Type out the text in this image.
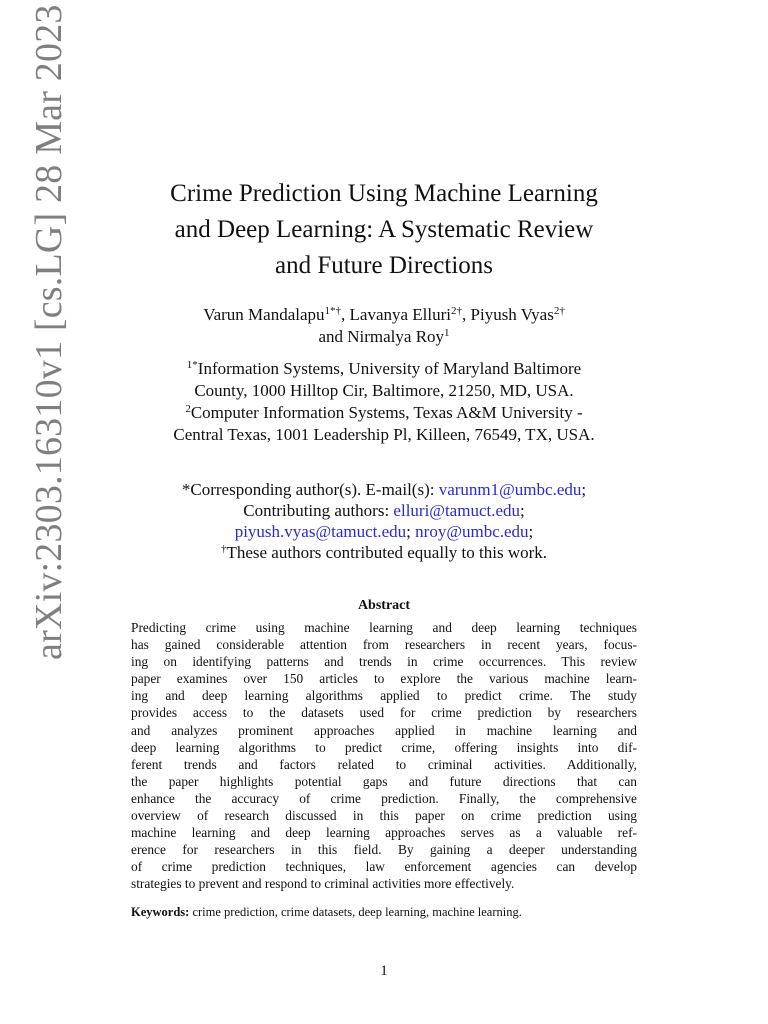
arXiv:2303.16310v1 [cs.LG] 28 Mar 2023	Crime Prediction Using Machine Learning
and Deep Learning: A Systematic Review
and Future Directions
Varun Mandalapu$^{1*\dagger}$, Lavanya Elluri$^{2\dagger}$, Piyush Vyas$^{2\dagger}$
and Nirmalya Roy$^1$
$^{1*}$Information Systems, University of Maryland Baltimore
County, 1000 Hilltop Cir, Baltimore, 21250, MD, USA.
$^2$Computer Information Systems, Texas A&M University -
Central Texas, 1001 Leadership Pl, Killeen, 76549, TX, USA.
*Corresponding author(s). E-mail(s): varunm1@umbc.edu;
Contributing authors: elluri@tamuct.edu;
piyush.vyas@tamuct.edu; nroy@umbc.edu;
†These authors contributed equally to this work.
Abstract
Predicting crime using machine learning and deep learning techniques
has gained considerable attention from researchers in recent years, focus-
ing on identifying patterns and trends in crime occurrences. This review
paper examines over 150 articles to explore the various machine learn-
ing and deep learning algorithms applied to predict crime. The study
provides access to the datasets used for crime prediction by researchers
and analyzes prominent approaches applied in machine learning and
deep learning algorithms to predict crime, offering insights into dif-
ferent trends and factors related to criminal activities. Additionally,
the paper highlights potential gaps and future directions that can
enhance the accuracy of crime prediction. Finally, the comprehensive
overview of research discussed in this paper on crime prediction using
machine learning and deep learning approaches serves as a valuable ref-
erence for researchers in this field. By gaining a deeper understanding
of crime prediction techniques, law enforcement agencies can develop
strategies to prevent and respond to criminal activities more effectively.
Keywords: crime prediction, crime datasets, deep learning, machine learning.
1
